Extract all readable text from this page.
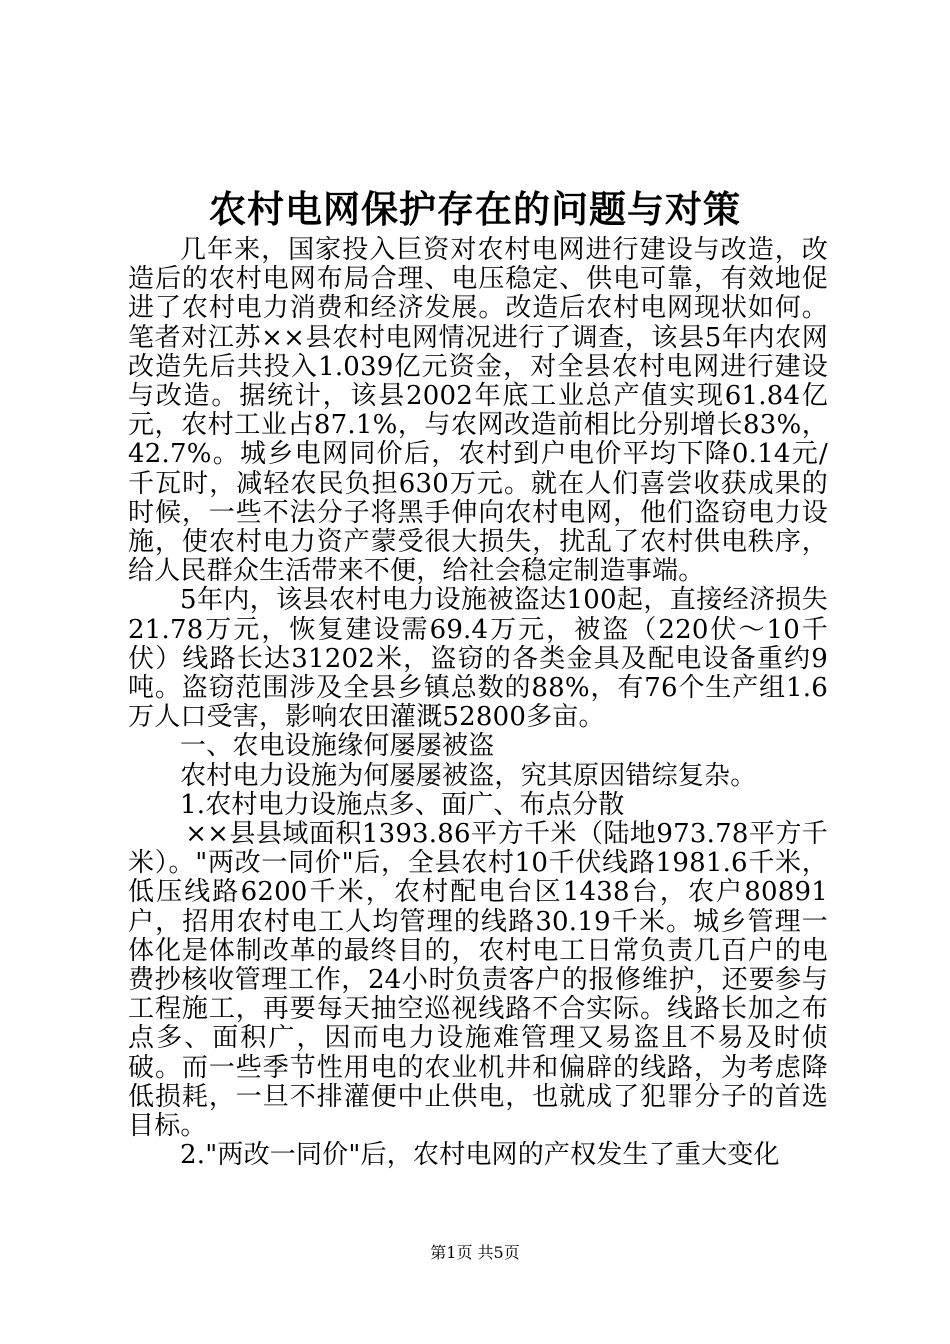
农村电网保护存在的问题与对策

几年来，国家投入巨资对农村电网进行建设与改造，改造后的农村电网布局合理、电压稳定、供电可靠，有效地促进了农村电力消费和经济发展。改造后农村电网现状如何。笔者对江苏××县农村电网情况进行了调查，该县5年内农网改造先后共投入1.039亿元资金，对全县农村电网进行建设与改造。据统计，该县2002年底工业总产值实现61.84亿元，农村工业占87.1%，与农网改造前相比分别增长83%，42.7%。城乡电网同价后，农村到户电价平均下降0.14元/千瓦时，减轻农民负担630万元。就在人们喜尝收获成果的时候，一些不法分子将黑手伸向农村电网，他们盗窃电力设施，使农村电力资产蒙受很大损失，扰乱了农村供电秩序，给人民群众生活带来不便，给社会稳定制造事端。

5年内，该县农村电力设施被盗达100起，直接经济损失21.78万元，恢复建设需69.4万元，被盗（220伏～10千伏）线路长达31202米，盗窃的各类金具及配电设备重约9吨。盗窃范围涉及全县乡镇总数的88%，有76个生产组1.6万人口受害，影响农田灌溉52800多亩。

一、农电设施缘何屡屡被盗

农村电力设施为何屡屡被盗，究其原因错综复杂。

1.农村电力设施点多、面广、布点分散

××县县域面积1393.86平方千米（陆地973.78平方千米）。"两改一同价"后，全县农村10千伏线路1981.6千米，低压线路6200千米，农村配电台区1438台，农户80891户，招用农村电工人均管理的线路30.19千米。城乡管理一体化是体制改革的最终目的，农村电工日常负责几百户的电费抄核收管理工作，24小时负责客户的报修维护，还要参与工程施工，再要每天抽空巡视线路不合实际。线路长加之布点多、面积广，因而电力设施难管理又易盗且不易及时侦破。而一些季节性用电的农业机井和偏辟的线路，为考虑降低损耗，一旦不排灌便中止供电，也就成了犯罪分子的首选目标。

2."两改一同价"后，农村电网的产权发生了重大变化

第1页 共5页
